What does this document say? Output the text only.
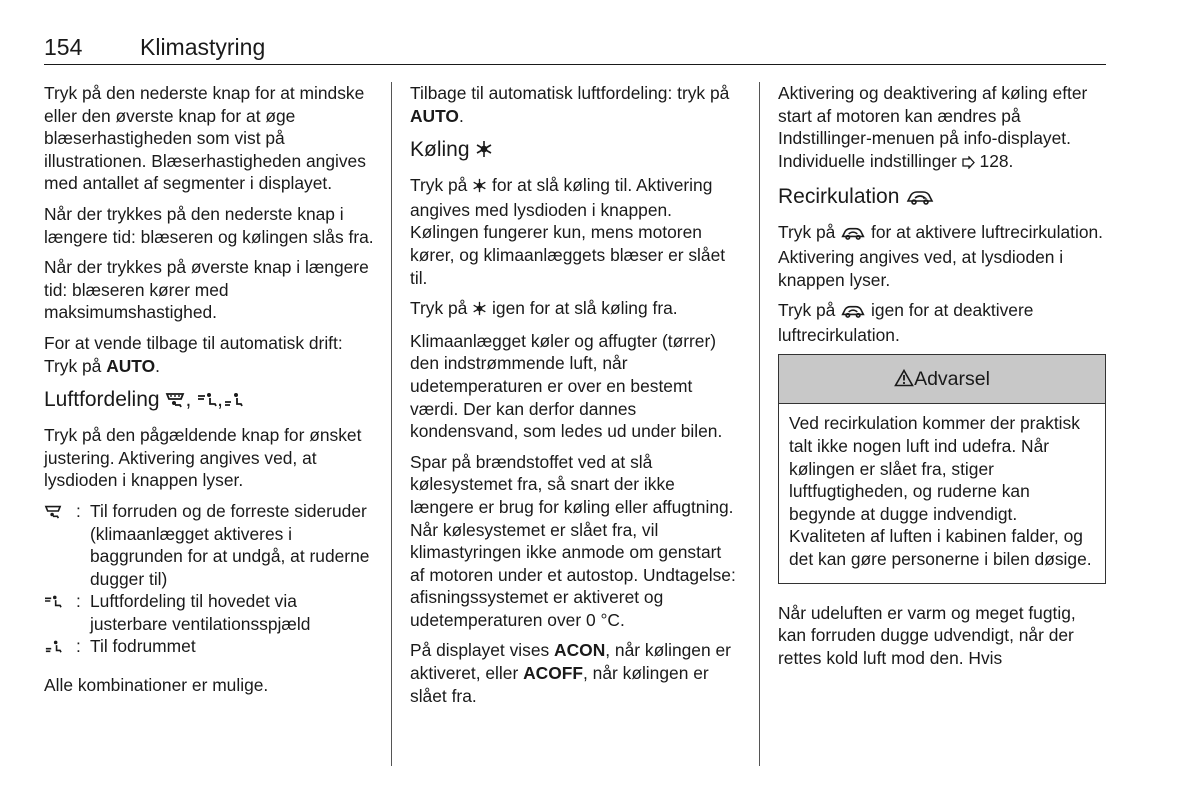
154	Klimastyring

Tryk på den nederste knap for at mindske eller den øverste knap for at øge blæserhastigheden som vist på illustrationen. Blæserhastigheden angives med antallet af segmenter i displayet.

Når der trykkes på den nederste knap i længere tid: blæseren og kølingen slås fra.

Når der trykkes på øverste knap i længere tid: blæseren kører med maksimumshastighed.

For at vende tilbage til automatisk drift: Tryk på AUTO.

Luftfordeling , ,

Tryk på den pågældende knap for ønsket justering. Aktivering angives ved, at lysdioden i knappen lyser.

: Til forruden og de forreste sideruder (klimaanlægget aktiveres i baggrunden for at undgå, at ruderne dugger til)
: Luftfordeling til hovedet via justerbare ventilationsspjæld
: Til fodrummet

Alle kombinationer er mulige.

Tilbage til automatisk luftfordeling: tryk på AUTO.

Køling

Tryk på for at slå køling til. Aktivering angives med lysdioden i knappen. Kølingen fungerer kun, mens motoren kører, og klimaanlæggets blæser er slået til.

Tryk på igen for at slå køling fra.

Klimaanlægget køler og affugter (tørrer) den indstrømmende luft, når udetemperaturen er over en bestemt værdi. Der kan derfor dannes kondensvand, som ledes ud under bilen.

Spar på brændstoffet ved at slå kølesystemet fra, så snart der ikke længere er brug for køling eller affugtning. Når kølesystemet er slået fra, vil klimastyringen ikke anmode om genstart af motoren under et autostop. Undtagelse: afisningssystemet er aktiveret og udetemperaturen over 0 °C.

På displayet vises ACON, når kølingen er aktiveret, eller ACOFF, når kølingen er slået fra.

Aktivering og deaktivering af køling efter start af motoren kan ændres på Indstillinger-menuen på info-displayet. Individuelle indstillinger 128.

Recirkulation

Tryk på for at aktivere luftrecirkulation. Aktivering angives ved, at lysdioden i knappen lyser.

Tryk på igen for at deaktivere luftrecirkulation.

Advarsel
Ved recirkulation kommer der praktisk talt ikke nogen luft ind udefra. Når kølingen er slået fra, stiger luftfugtigheden, og ruderne kan begynde at dugge indvendigt. Kvaliteten af luften i kabinen falder, og det kan gøre personerne i bilen døsige.

Når udeluften er varm og meget fugtig, kan forruden dugge udvendigt, når der rettes kold luft mod den. Hvis
